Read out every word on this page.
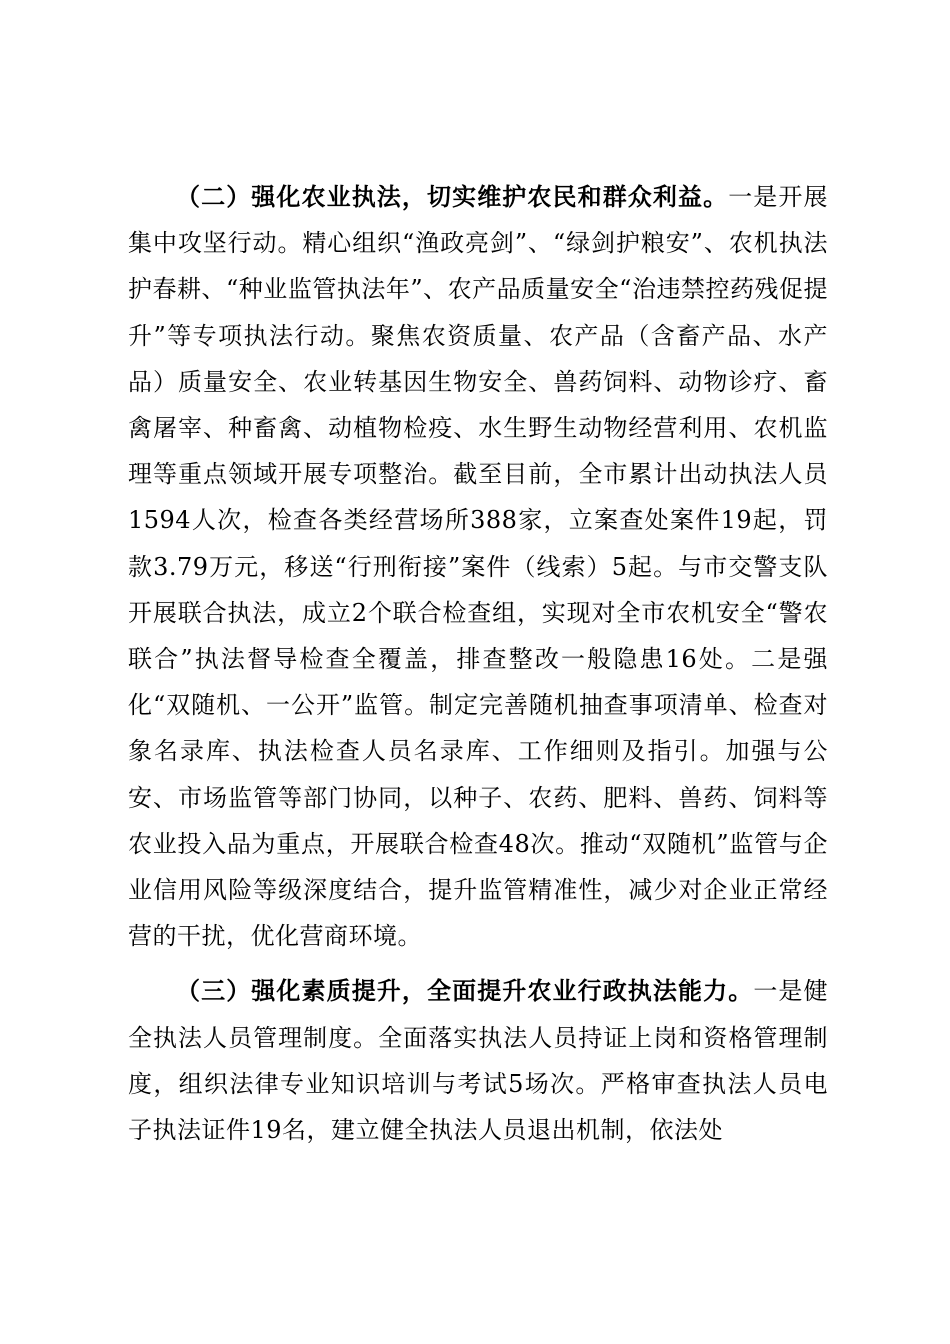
（二）强化农业执法，切实维护农民和群众利益。一是开展集中攻坚行动。精心组织“渔政亮剑”、“绿剑护粮安”、农机执法护春耕、“种业监管执法年”、农产品质量安全“治违禁控药残促提升”等专项执法行动。聚焦农资质量、农产品（含畜产品、水产品）质量安全、农业转基因生物安全、兽药饲料、动物诊疗、畜禽屠宰、种畜禽、动植物检疫、水生野生动物经营利用、农机监理等重点领域开展专项整治。截至目前，全市累计出动执法人员1594人次，检查各类经营场所388家，立案查处案件19起，罚款3.79万元，移送“行刑衔接”案件（线索）5起。与市交警支队开展联合执法，成立2个联合检查组，实现对全市农机安全“警农联合”执法督导检查全覆盖，排查整改一般隐患16处。二是强化“双随机、一公开”监管。制定完善随机抽查事项清单、检查对象名录库、执法检查人员名录库、工作细则及指引。加强与公安、市场监管等部门协同，以种子、农药、肥料、兽药、饲料等农业投入品为重点，开展联合检查48次。推动“双随机”监管与企业信用风险等级深度结合，提升监管精准性，减少对企业正常经营的干扰，优化营商环境。

（三）强化素质提升，全面提升农业行政执法能力。一是健全执法人员管理制度。全面落实执法人员持证上岗和资格管理制度，组织法律专业知识培训与考试5场次。严格审查执法人员电子执法证件19名，建立健全执法人员退出机制，依法处
